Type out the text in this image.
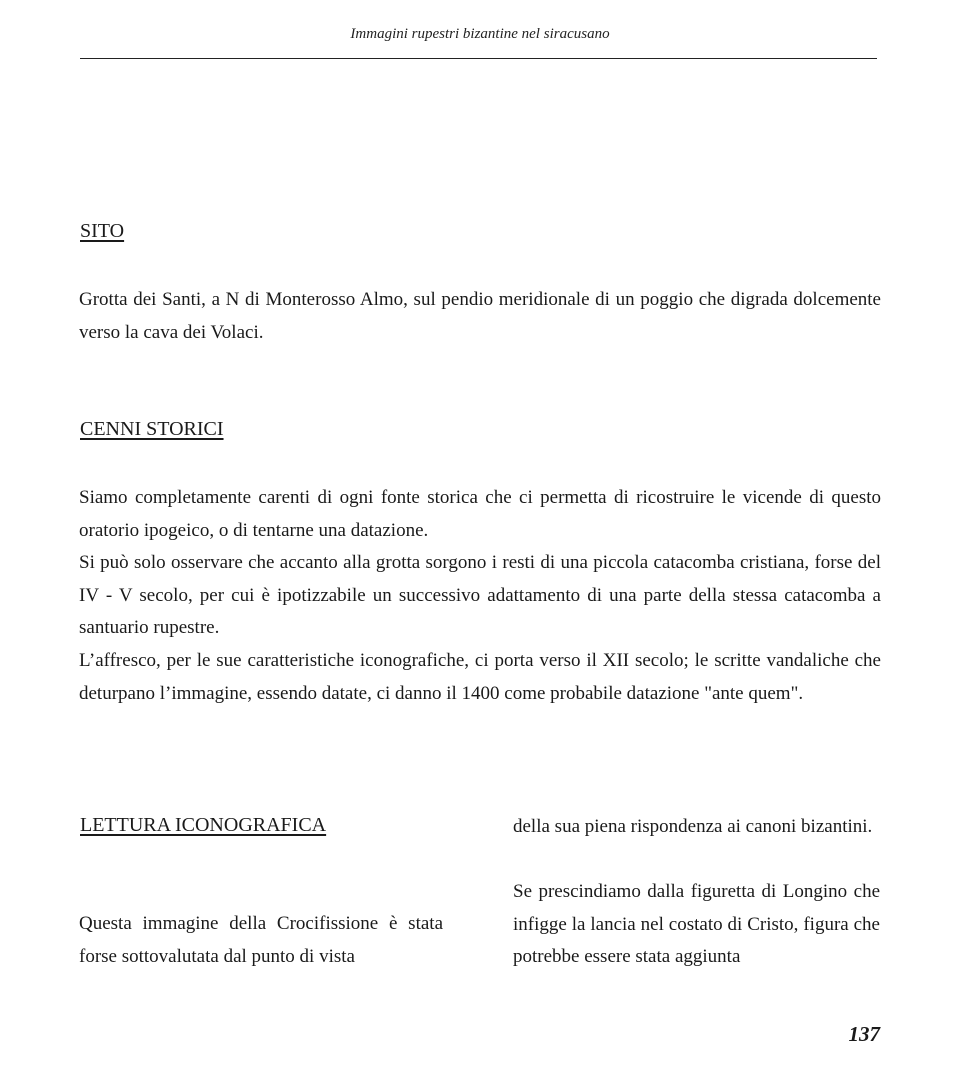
Immagini rupestri bizantine nel siracusano
SITO

Grotta dei Santi, a N di Monterosso Almo, sul pendio meridionale di un poggio che digrada dolcemente verso la cava dei Volaci.

CENNI STORICI

Siamo completamente carenti di ogni fonte storica che ci permetta di ricostruire le vicende di questo oratorio ipogeico, o di tentarne una datazione.

Si può solo osservare che accanto alla grotta sorgono i resti di una piccola catacomba cristiana, forse del IV - V secolo, per cui è ipotizzabile un successivo adattamento di una parte della stessa catacomba a santuario rupestre.

L’affresco, per le sue caratteristiche iconografiche, ci porta verso il XII secolo; le scritte vandaliche che deturpano l’immagine, essendo datate, ci danno il 1400 come probabile datazione "ante quem".

LETTURA ICONOGRAFICA

Questa immagine della Crocifissione è stata forse sottovalutata dal punto di vista

della sua piena rispondenza ai canoni bizantini.

Se prescindiamo dalla figuretta di Longino che infigge la lancia nel costato di Cristo, figura che potrebbe essere stata aggiunta

137
